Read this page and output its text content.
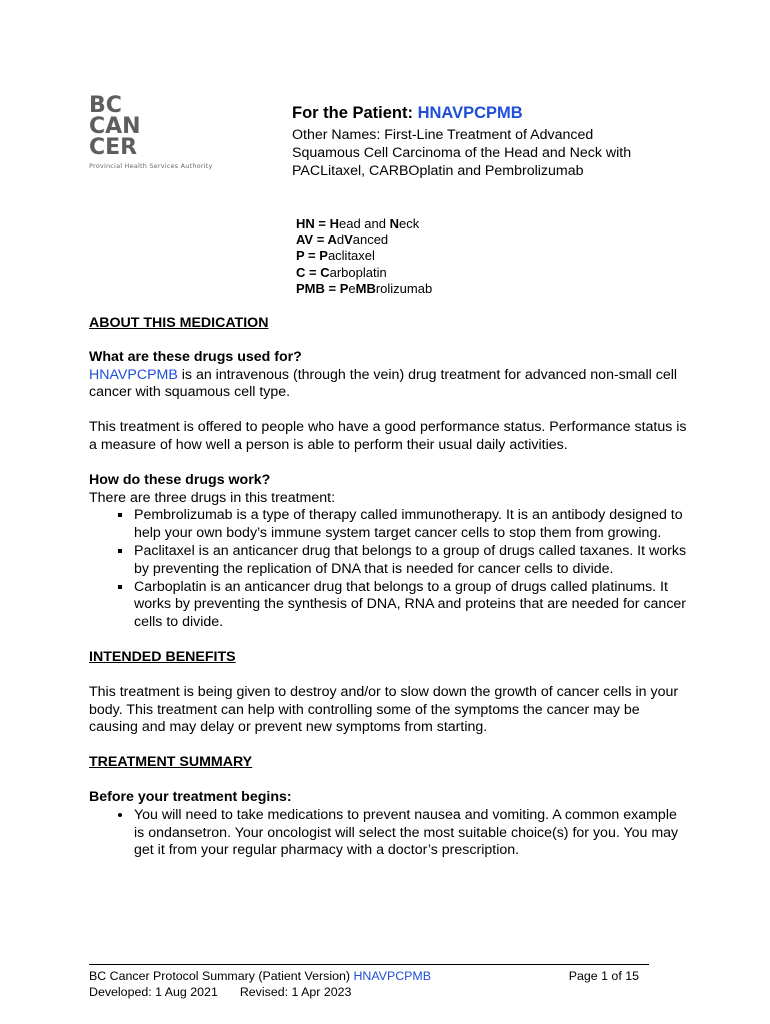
BC
CAN
CER
Provincial Health Services Authority
For the Patient: HNAVPCPMB
Other Names: First-Line Treatment of Advanced Squamous Cell Carcinoma of the Head and Neck with PACLitaxel, CARBOplatin and Pembrolizumab
HN = Head and Neck
AV = AdVanced
P = Paclitaxel
C = Carboplatin
PMB = PeMBrolizumab

ABOUT THIS MEDICATION

What are these drugs used for?

HNAVPCPMB is an intravenous (through the vein) drug treatment for advanced non-small cell cancer with squamous cell type.

This treatment is offered to people who have a good performance status. Performance status is a measure of how well a person is able to perform their usual daily activities.

How do these drugs work?

There are three drugs in this treatment:

▪ Pembrolizumab is a type of therapy called immunotherapy. It is an antibody designed to help your own body’s immune system target cancer cells to stop them from growing.
▪ Paclitaxel is an anticancer drug that belongs to a group of drugs called taxanes. It works by preventing the replication of DNA that is needed for cancer cells to divide.
▪ Carboplatin is an anticancer drug that belongs to a group of drugs called platinums. It works by preventing the synthesis of DNA, RNA and proteins that are needed for cancer cells to divide.

INTENDED BENEFITS

This treatment is being given to destroy and/or to slow down the growth of cancer cells in your body. This treatment can help with controlling some of the symptoms the cancer may be causing and may delay or prevent new symptoms from starting.

TREATMENT SUMMARY

Before your treatment begins:

• You will need to take medications to prevent nausea and vomiting. A common example is ondansetron. Your oncologist will select the most suitable choice(s) for you. You may get it from your regular pharmacy with a doctor’s prescription.
BC Cancer Protocol Summary (Patient Version) HNAVPCPMB	Page 1 of 15
Developed: 1 Aug 2021 Revised: 1 Apr 2023
